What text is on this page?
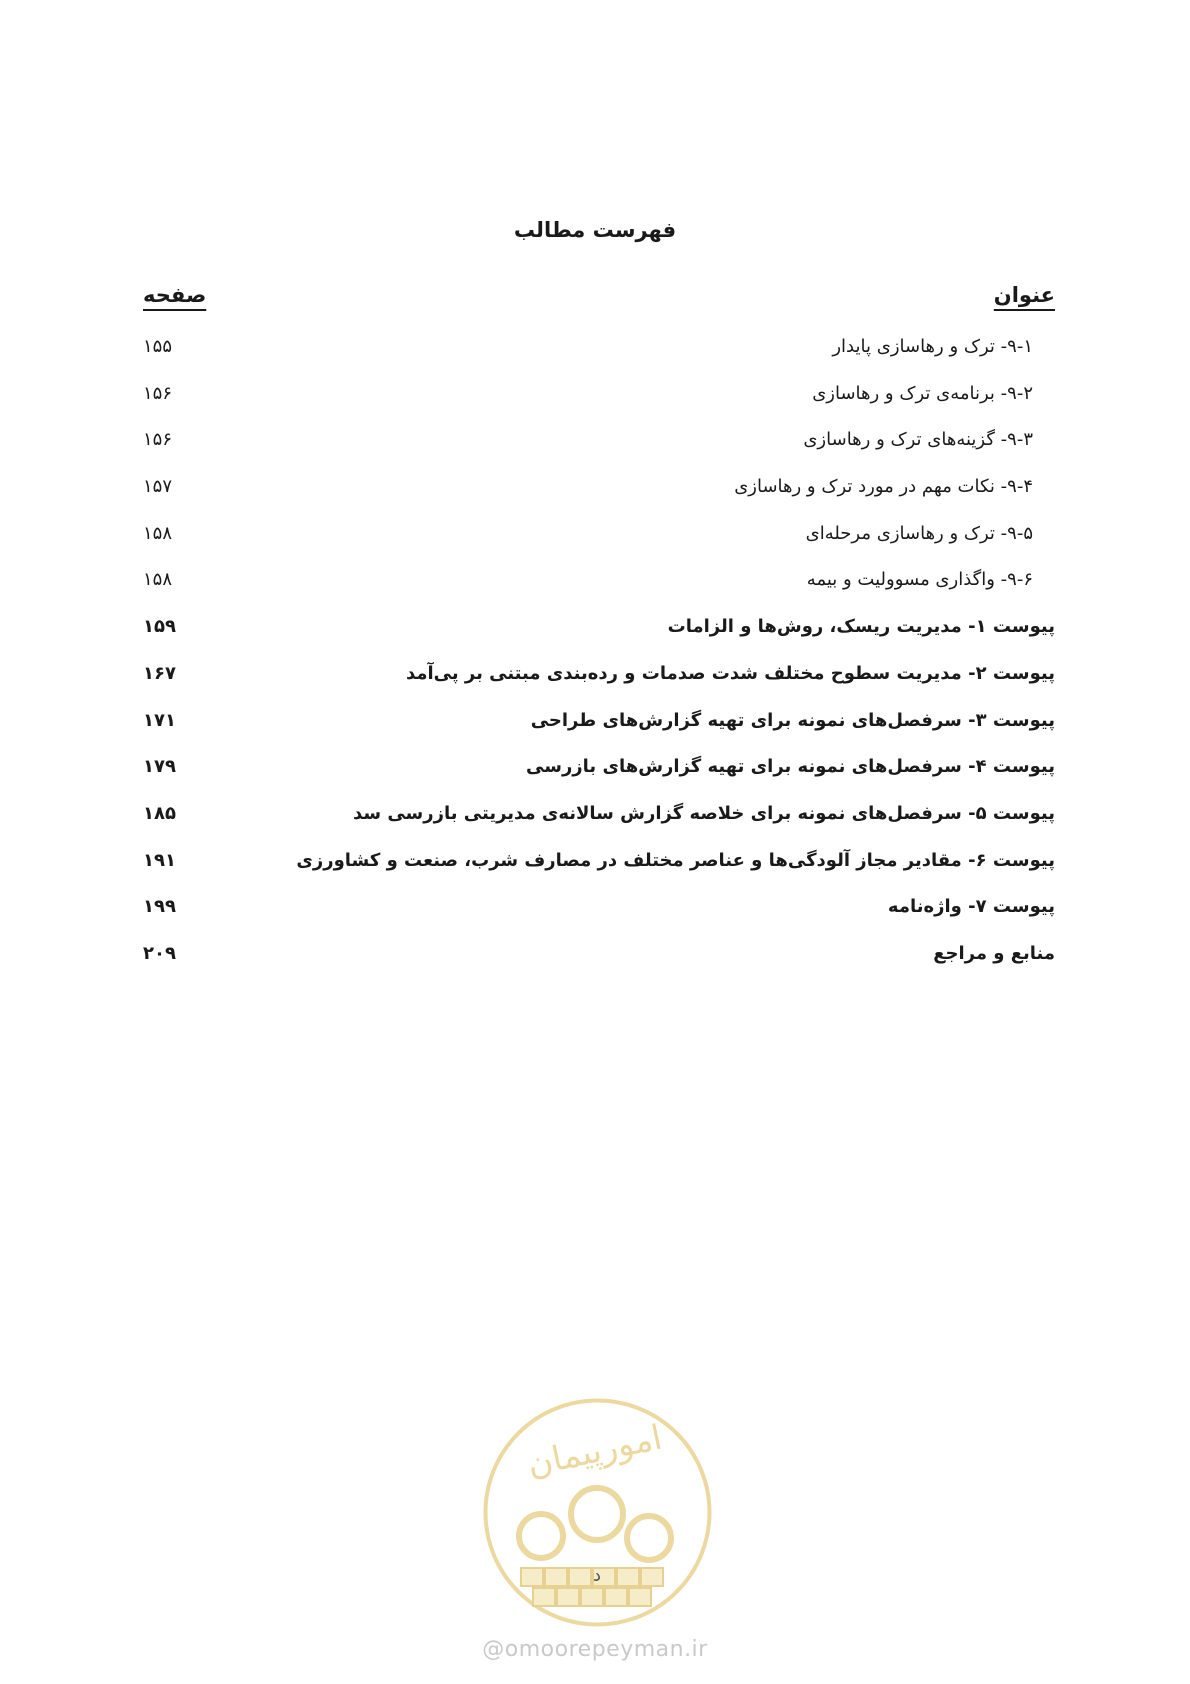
فهرست مطالب
عنوان
صفحه
۹-۱- ترک و رهاسازی پایدار
۱۵۵
۹-۲- برنامه‌ی ترک و رهاسازی
۱۵۶
۹-۳- گزینه‌های ترک و رهاسازی
۱۵۶
۹-۴- نکات مهم در مورد ترک و رهاسازی
۱۵۷
۹-۵- ترک و رهاسازی مرحله‌ای
۱۵۸
۹-۶- واگذاری مسوولیت و بیمه
۱۵۸
پیوست ۱- مدیریت ریسک، روش‌ها و الزامات
۱۵۹
پیوست ۲- مدیریت سطوح مختلف شدت صدمات و رده‌بندی مبتنی بر پی‌آمد
۱۶۷
پیوست ۳- سرفصل‌های نمونه برای تهیه گزارش‌های طراحی
۱۷۱
پیوست ۴- سرفصل‌های نمونه برای تهیه گزارش‌های بازرسی
۱۷۹
پیوست ۵- سرفصل‌های نمونه برای خلاصه گزارش سالانه‌ی مدیریتی بازرسی سد
۱۸۵
پیوست ۶- مقادیر مجاز آلودگی‌ها و عناصر مختلف در مصارف شرب، صنعت و کشاورزی
۱۹۱
پیوست ۷- واژه‌نامه
۱۹۹
منابع و مراجع
۲۰۹
امورپیمان
د
@omoorepeyman.ir
